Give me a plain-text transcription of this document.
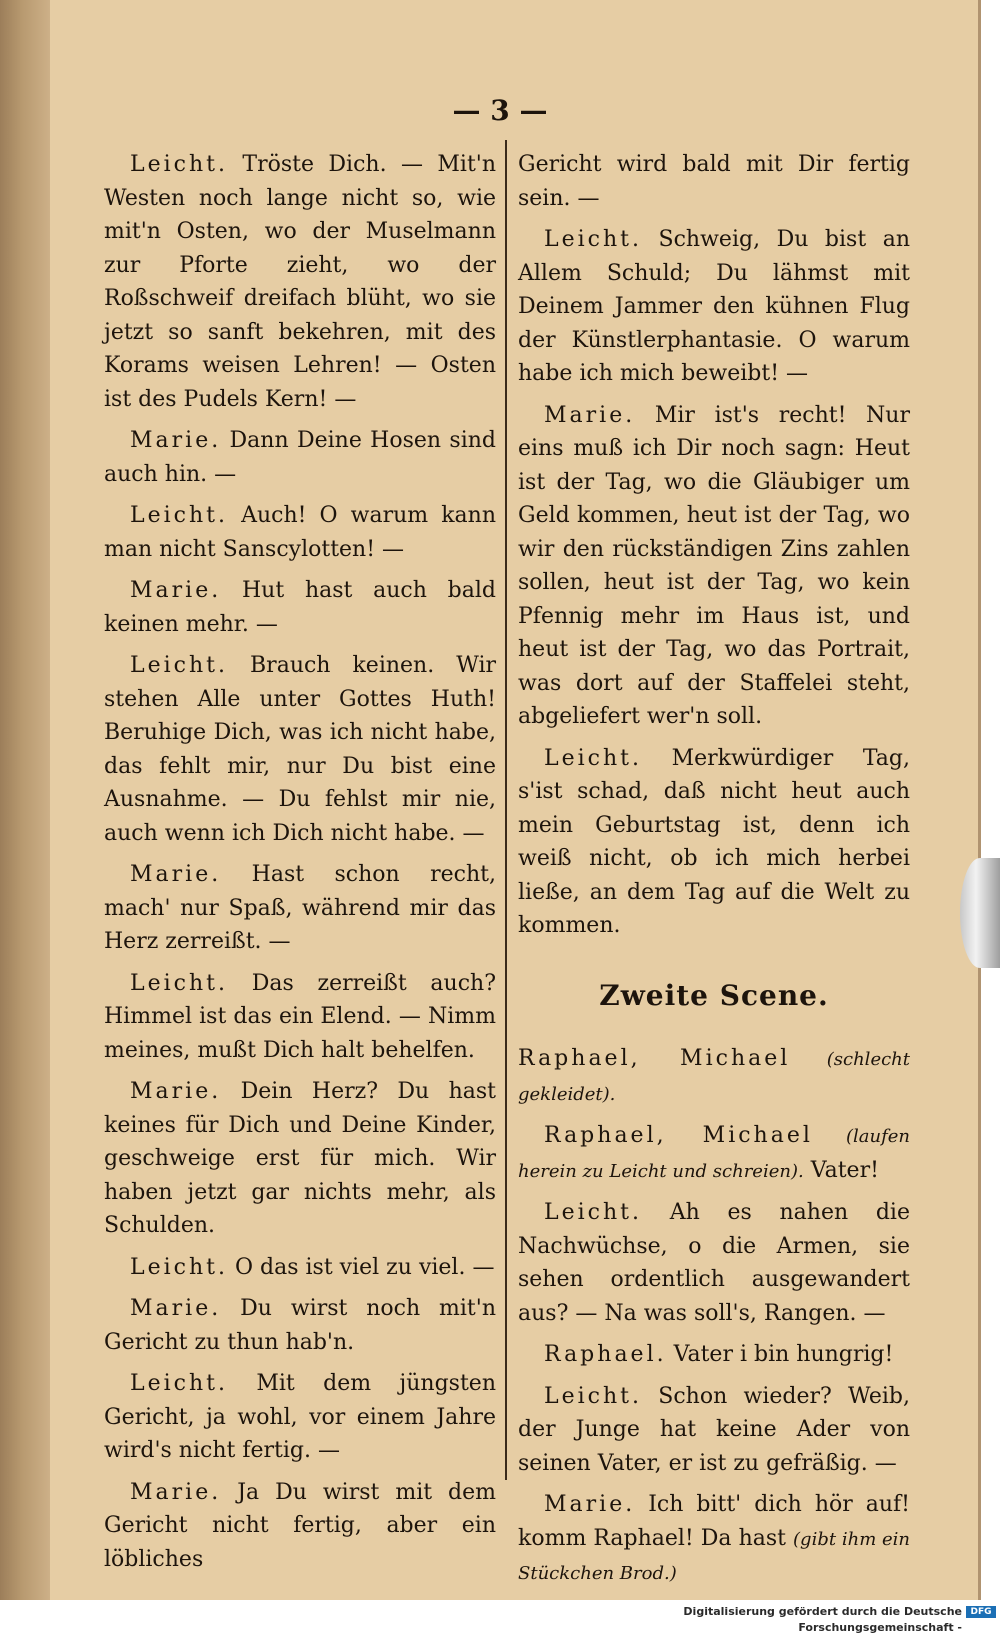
— 3 —

Leicht. Tröste Dich. — Mit'n Westen noch lange nicht so, wie mit'n Osten, wo der Muselmann zur Pforte zieht, wo der Roßschweif dreifach blüht, wo sie jetzt so sanft bekehren, mit des Korams weisen Lehren! — Osten ist des Pudels Kern! —

Marie. Dann Deine Hosen sind auch hin. —

Leicht. Auch! O warum kann man nicht Sanscylotten! —

Marie. Hut hast auch bald keinen mehr. —

Leicht. Brauch keinen. Wir stehen Alle unter Gottes Huth! Beruhige Dich, was ich nicht habe, das fehlt mir, nur Du bist eine Ausnahme. — Du fehlst mir nie, auch wenn ich Dich nicht habe. —

Marie. Hast schon recht, mach' nur Spaß, während mir das Herz zerreißt. —

Leicht. Das zerreißt auch? Himmel ist das ein Elend. — Nimm meines, mußt Dich halt behelfen.

Marie. Dein Herz? Du hast keines für Dich und Deine Kinder, geschweige erst für mich. Wir haben jetzt gar nichts mehr, als Schulden.

Leicht. O das ist viel zu viel. —

Marie. Du wirst noch mit'n Gericht zu thun hab'n.

Leicht. Mit dem jüngsten Gericht, ja wohl, vor einem Jahre wird's nicht fertig. —

Marie. Ja Du wirst mit dem Gericht nicht fertig, aber ein löbliches

Gericht wird bald mit Dir fertig sein. —

Leicht. Schweig, Du bist an Allem Schuld; Du lähmst mit Deinem Jammer den kühnen Flug der Künstlerphantasie. O warum habe ich mich beweibt! —

Marie. Mir ist's recht! Nur eins muß ich Dir noch sagn: Heut ist der Tag, wo die Gläubiger um Geld kommen, heut ist der Tag, wo wir den rückständigen Zins zahlen sollen, heut ist der Tag, wo kein Pfennig mehr im Haus ist, und heut ist der Tag, wo das Portrait, was dort auf der Staffelei steht, abgeliefert wer'n soll.

Leicht. Merkwürdiger Tag, s'ist schad, daß nicht heut auch mein Geburtstag ist, denn ich weiß nicht, ob ich mich herbei ließe, an dem Tag auf die Welt zu kommen.

Zweite Scene.

Raphael, Michael (schlecht gekleidet).

Raphael, Michael (laufen herein zu Leicht und schreien). Vater!

Leicht. Ah es nahen die Nachwüchse, o die Armen, sie sehen ordentlich ausgewandert aus? — Na was soll's, Rangen. —

Raphael. Vater i bin hungrig!

Leicht. Schon wieder? Weib, der Junge hat keine Ader von seinen Vater, er ist zu gefräßig. —

Marie. Ich bitt' dich hör auf! komm Raphael! Da hast (gibt ihm ein Stückchen Brod.)

Digitalisierung gefördert durch die Deutsche Forschungsgemeinschaft -
DFG
